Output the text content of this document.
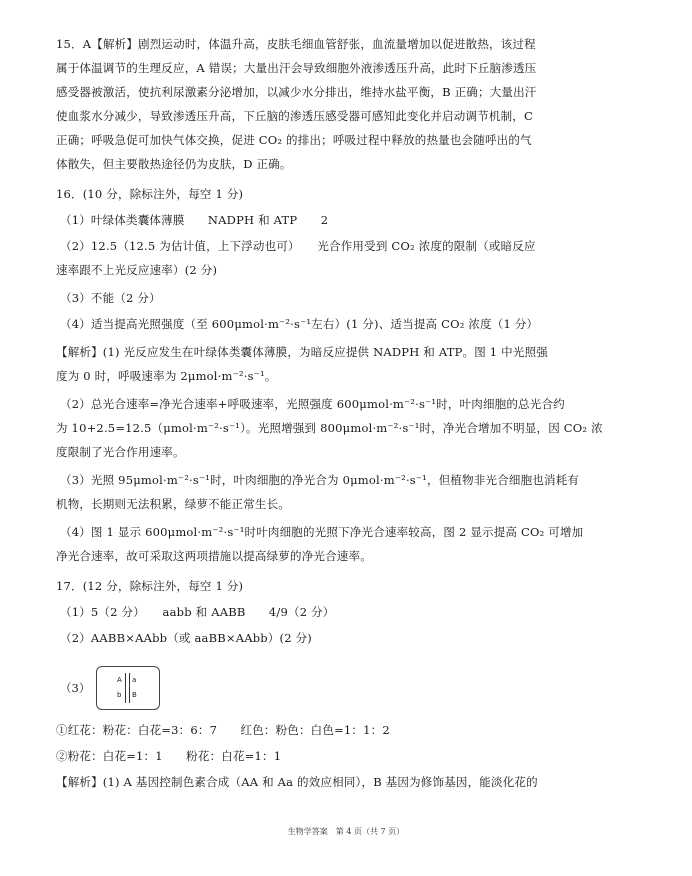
15．A【解析】剧烈运动时，体温升高，皮肤毛细血管舒张，血流量增加以促进散热，该过程
属于体温调节的生理反应，A 错误；大量出汗会导致细胞外液渗透压升高，此时下丘脑渗透压
感受器被激活，使抗利尿激素分泌增加，以减少水分排出，维持水盐平衡，B 正确；大量出汗
使血浆水分减少，导致渗透压升高，下丘脑的渗透压感受器可感知此变化并启动调节机制，C
正确；呼吸急促可加快气体交换，促进 CO₂ 的排出；呼吸过程中释放的热量也会随呼出的气
体散失，但主要散热途径仍为皮肤，D 正确。
16．(10 分，除标注外，每空 1 分)
（1）叶绿体类囊体薄膜　　NADPH 和 ATP　　2
（2）12.5（12.5 为估计值，上下浮动也可）　　光合作用受到 CO₂ 浓度的限制（或暗反应
速率跟不上光反应速率）(2 分)
（3）不能（2 分）
（4）适当提高光照强度（至 600μmol·m⁻²·s⁻¹左右）(1 分)、适当提高 CO₂ 浓度（1 分）
【解析】(1) 光反应发生在叶绿体类囊体薄膜，为暗反应提供 NADPH 和 ATP。图 1 中光照强
度为 0 时，呼吸速率为 2μmol·m⁻²·s⁻¹。
（2）总光合速率=净光合速率+呼吸速率，光照强度 600μmol·m⁻²·s⁻¹时，叶肉细胞的总光合约
为 10+2.5=12.5（μmol·m⁻²·s⁻¹）。光照增强到 800μmol·m⁻²·s⁻¹时，净光合增加不明显，因 CO₂ 浓
度限制了光合作用速率。
（3）光照 95μmol·m⁻²·s⁻¹时，叶肉细胞的净光合为 0μmol·m⁻²·s⁻¹，但植物非光合细胞也消耗有
机物，长期则无法积累，绿萝不能正常生长。
（4）图 1 显示 600μmol·m⁻²·s⁻¹时叶肉细胞的光照下净光合速率较高，图 2 显示提高 CO₂ 可增加
净光合速率，故可采取这两项措施以提高绿萝的净光合速率。
17．(12 分，除标注外，每空 1 分)
（1）5（2 分）　　aabb 和 AABB　　4/9（2 分）
（2）AABB×AAbb（或 aaBB×AAbb）(2 分)
（3）
A a
b B
①红花：粉花：白花=3：6：7　　红色：粉色：白色=1：1：2
②粉花：白花=1：1　　粉花：白花=1：1
【解析】(1) A 基因控制色素合成（AA 和 Aa 的效应相同），B 基因为修饰基因，能淡化花的
生物学答案　第 4 页（共 7 页）
